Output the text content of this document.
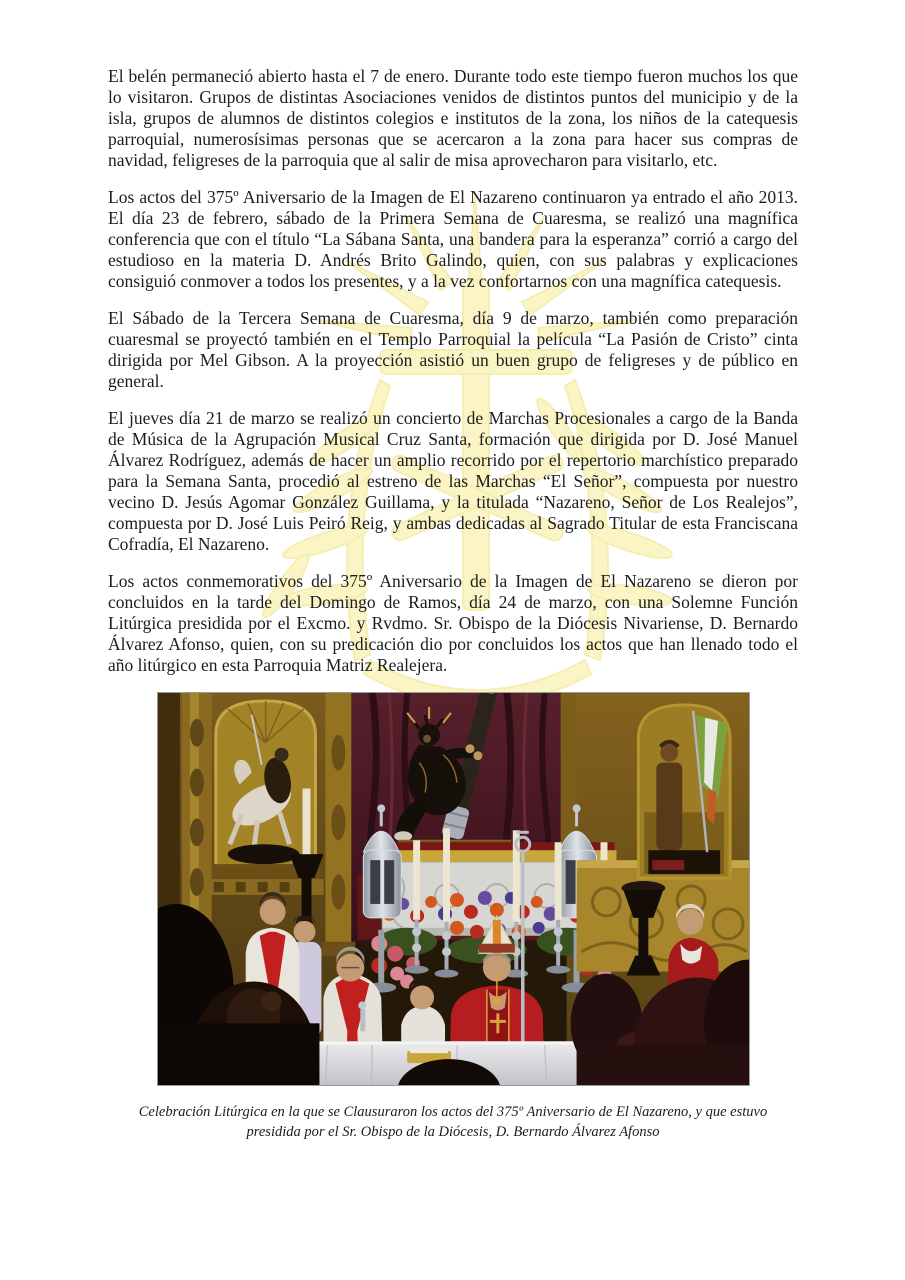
El belén permaneció abierto hasta el 7 de enero. Durante todo este tiempo fueron muchos los que lo visitaron. Grupos de distintas Asociaciones venidos de distintos puntos del municipio y de la isla, grupos de alumnos de distintos colegios e institutos de la zona, los niños de la catequesis parroquial, numerosísimas personas que se acercaron a la zona para hacer sus compras de navidad, feligreses de la parroquia que al salir de misa aprovecharon para visitarlo, etc.

Los actos del 375º Aniversario de la Imagen de El Nazareno continuaron ya entrado el año 2013. El día 23 de febrero, sábado de la Primera Semana de Cuaresma, se realizó una magnífica conferencia que con el título “La Sábana Santa, una bandera para la esperanza” corrió a cargo del estudioso en la materia D. Andrés Brito Galindo, quien, con sus palabras y explicaciones consiguió conmover a todos los presentes, y a la vez confortarnos con una magnífica catequesis.

El Sábado de la Tercera Semana de Cuaresma, día 9 de marzo, también como preparación cuaresmal se proyectó también en el Templo Parroquial la película “La Pasión de Cristo” cinta dirigida por Mel Gibson. A la proyección asistió un buen grupo de feligreses y de público en general.

El jueves día 21 de marzo se realizó un concierto de Marchas Procesionales a cargo de la Banda de Música de la Agrupación Musical Cruz Santa, formación que dirigida por D. José Manuel Álvarez Rodríguez, además de hacer un amplio recorrido por el repertorio marchístico preparado para la Semana Santa, procedió al estreno de las Marchas “El Señor”, compuesta por nuestro vecino D. Jesús Agomar González Guillama, y la titulada “Nazareno, Señor de Los Realejos”, compuesta por D. José Luis Peiró Reig, y ambas dedicadas al Sagrado Titular de esta Franciscana Cofradía, El Nazareno.

Los actos conmemorativos del 375º Aniversario de la Imagen de El Nazareno se dieron por concluidos en la tarde del Domingo de Ramos, día 24 de marzo, con una Solemne Función Litúrgica presidida por el Excmo. y Rvdmo. Sr. Obispo de la Diócesis Nivariense, D. Bernardo Álvarez Afonso, quien, con su predicación dio por concluidos los actos que han llenado todo el año litúrgico en esta Parroquia Matriz Realejera.

Celebración Litúrgica en la que se Clausuraron los actos del 375º Aniversario de El Nazareno, y que estuvo presidida por el Sr. Obispo de la Diócesis, D. Bernardo Álvarez Afonso
